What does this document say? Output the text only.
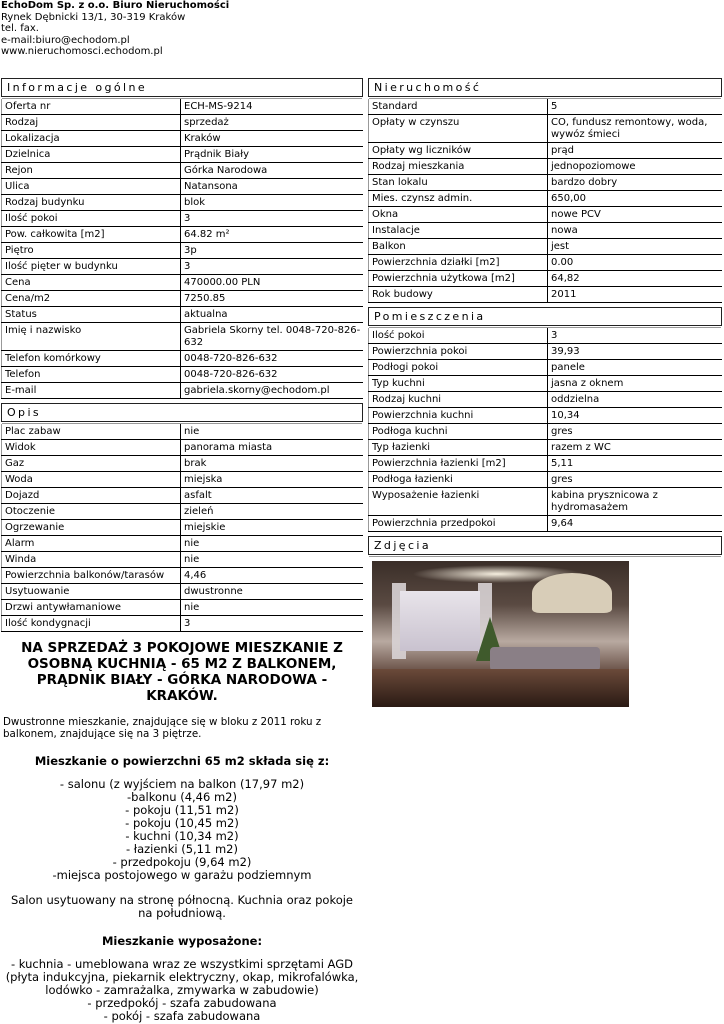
EchoDom Sp. z o.o. Biuro Nieruchomości
Rynek Dębnicki 13/1, 30-319 Kraków
tel. fax.
e-mail:biuro@echodom.pl
www.nieruchomosci.echodom.pl
Informacje ogólne
Oferta nr	ECH-MS-9214
Rodzaj	sprzedaż
Lokalizacja	Kraków
Dzielnica	Prądnik Biały
Rejon	Górka Narodowa
Ulica	Natansona
Rodzaj budynku	blok
Ilość pokoi	3
Pow. całkowita [m2]	64.82 m²
Piętro	3p
Ilość pięter w budynku	3
Cena	470000.00 PLN
Cena/m2	7250.85
Status	aktualna
Imię i nazwisko	Gabriela Skorny tel. 0048-720-826-632
Telefon komórkowy	0048-720-826-632
Telefon	0048-720-826-632
E-mail	gabriela.skorny@echodom.pl
Opis
Plac zabaw	nie
Widok	panorama miasta
Gaz	brak
Woda	miejska
Dojazd	asfalt
Otoczenie	zieleń
Ogrzewanie	miejskie
Alarm	nie
Winda	nie
Powierzchnia balkonów/tarasów	4,46
Usytuowanie	dwustronne
Drzwi antywłamaniowe	nie
Ilość kondygnacji	3
NA SPRZEDAŻ 3 POKOJOWE MIESZKANIE Z OSOBNĄ KUCHNIĄ - 65 M2 Z BALKONEM, PRĄDNIK BIAŁY - GÓRKA NARODOWA - KRAKÓW.
Dwustronne mieszkanie, znajdujące się w bloku z 2011 roku z balkonem, znajdujące się na 3 piętrze.
Mieszkanie o powierzchni 65 m2 składa się z:
- salonu (z wyjściem na balkon (17,97 m2)
-balkonu (4,46 m2)
- pokoju (11,51 m2)
- pokoju (10,45 m2)
- kuchni (10,34 m2)
- łazienki (5,11 m2)
- przedpokoju (9,64 m2)
-miejsca postojowego w garażu podziemnym
Salon usytuowany na stronę północną. Kuchnia oraz pokoje na południową.
Mieszkanie wyposażone:
- kuchnia - umeblowana wraz ze wszystkimi sprzętami AGD (płyta indukcyjna, piekarnik elektryczny, okap, mikrofalówka, lodówko - zamrażalka, zmywarka w zabudowie)
- przedpokój - szafa zabudowana
- pokój - szafa zabudowana
Nieruchomość
Standard	5
Opłaty w czynszu	CO, fundusz remontowy, woda, wywóz śmieci
Opłaty wg liczników	prąd
Rodzaj mieszkania	jednopoziomowe
Stan lokalu	bardzo dobry
Mies. czynsz admin.	650,00
Okna	nowe PCV
Instalacje	nowa
Balkon	jest
Powierzchnia działki [m2]	0.00
Powierzchnia użytkowa [m2]	64,82
Rok budowy	2011
Pomieszczenia
Ilość pokoi	3
Powierzchnia pokoi	39,93
Podłogi pokoi	panele
Typ kuchni	jasna z oknem
Rodzaj kuchni	oddzielna
Powierzchnia kuchni	10,34
Podłoga kuchni	gres
Typ łazienki	razem z WC
Powierzchnia łazienki [m2]	5,11
Podłoga łazienki	gres
Wyposażenie łazienki	kabina prysznicowa z hydromasażem
Powierzchnia przedpokoi	9,64
Zdjęcia
